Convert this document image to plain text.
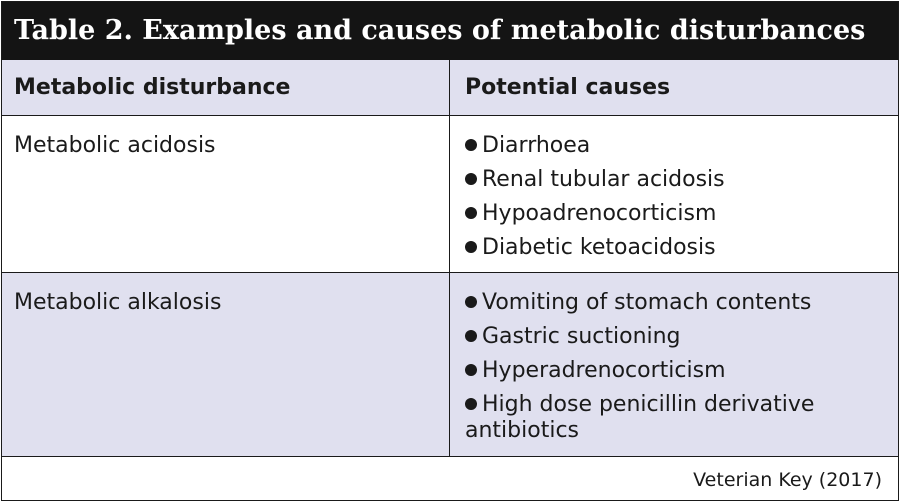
Table 2. Examples and causes of metabolic disturbances
Metabolic disturbance	Potential causes
Metabolic acidosis	Diarrhoea
Renal tubular acidosis
Hypoadrenocorticism
Diabetic ketoacidosis
Metabolic alkalosis	Vomiting of stomach contents
Gastric suctioning
Hyperadrenocorticism
High dose penicillin derivative antibiotics
Veterian Key (2017)
